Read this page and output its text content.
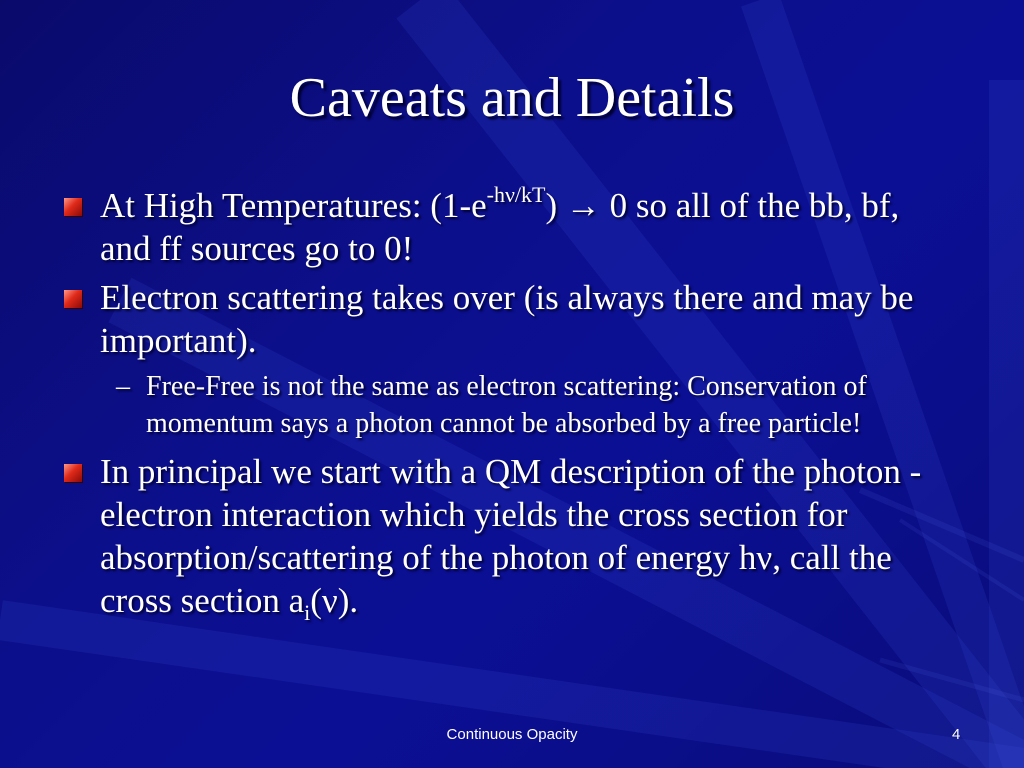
Caveats and Details
At High Temperatures: $(1-e^{-h\nu/kT}) \to 0$ so all of the bb, bf, and ff sources go to 0!
Electron scattering takes over (is always there and may be important).
– Free-Free is not the same as electron scattering: Conservation of momentum says a photon cannot be absorbed by a free particle!
In principal we start with a QM description of the photon - electron interaction which yields the cross section for absorption/scattering of the photon of energy hν, call the cross section $a_i(\nu)$.
Continuous Opacity	4
